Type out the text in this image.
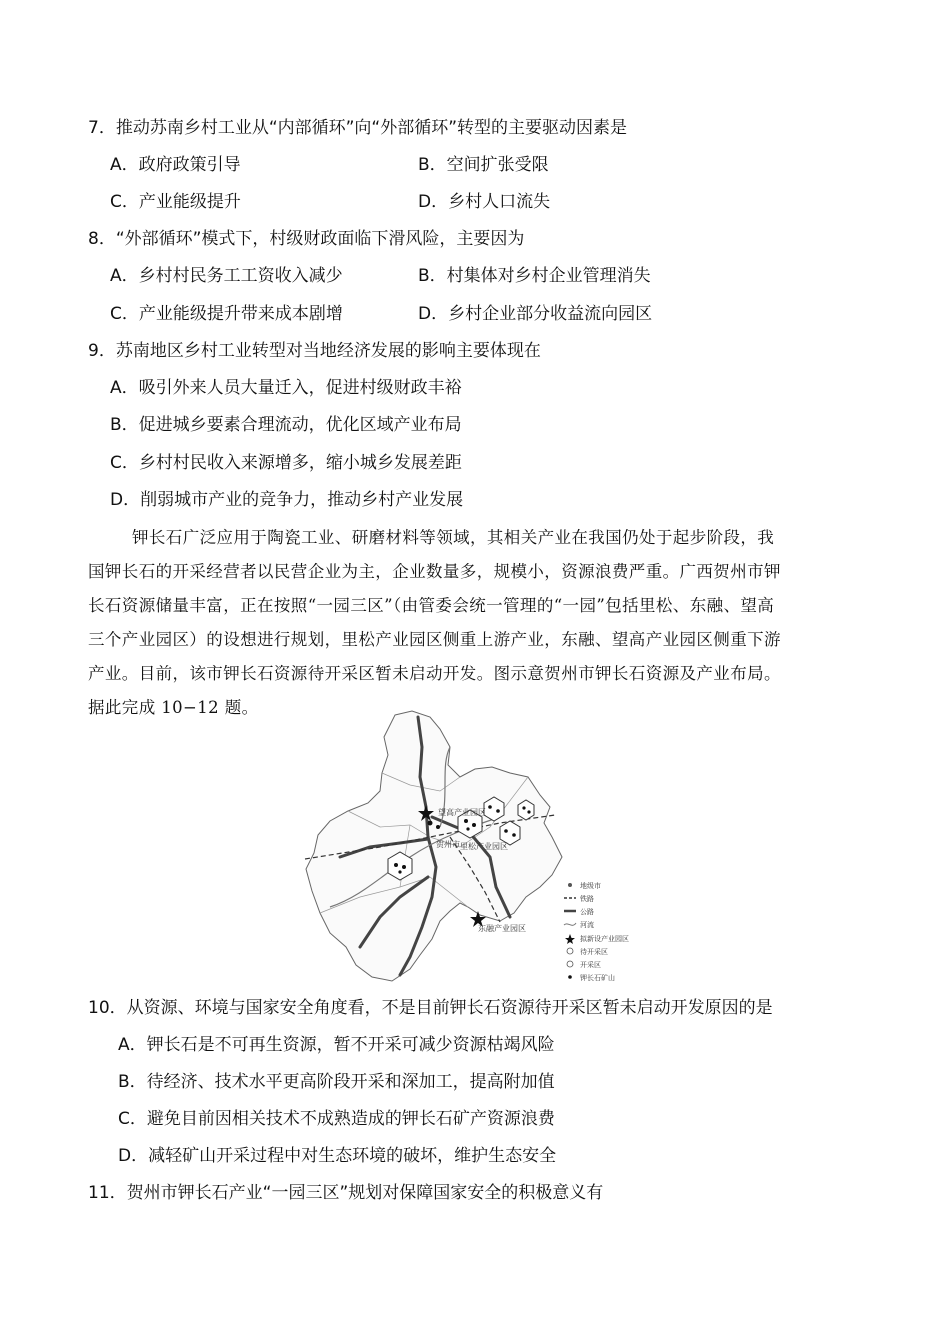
7．推动苏南乡村工业从“内部循环”向“外部循环”转型的主要驱动因素是
A．政府政策引导	B．空间扩张受限
C．产业能级提升	D．乡村人口流失
8．“外部循环”模式下，村级财政面临下滑风险，主要因为
A．乡村村民务工工资收入减少	B．村集体对乡村企业管理消失
C．产业能级提升带来成本剧增	D．乡村企业部分收益流向园区
9．苏南地区乡村工业转型对当地经济发展的影响主要体现在
A．吸引外来人员大量迁入，促进村级财政丰裕
B．促进城乡要素合理流动，优化区域产业布局
C．乡村村民收入来源增多，缩小城乡发展差距
D．削弱城市产业的竞争力，推动乡村产业发展
钾长石广泛应用于陶瓷工业、研磨材料等领域，其相关产业在我国仍处于起步阶段，我
国钾长石的开采经营者以民营企业为主，企业数量多，规模小，资源浪费严重。广西贺州市钾
长石资源储量丰富，正在按照“一园三区”（由管委会统一管理的“一园”包括里松、东融、望高
三个产业园区）的设想进行规划，里松产业园区侧重上游产业，东融、望高产业园区侧重下游
产业。目前，该市钾长石资源待开采区暂未启动开发。图示意贺州市钾长石资源及产业布局。
据此完成 10−12 题。
望高产业园区
里松产业园区
贺州市
东融产业园区
地级市
铁路
公路
河流
拟新设产业园区
待开采区
开采区
钾长石矿山
10．从资源、环境与国家安全角度看，不是目前钾长石资源待开采区暂未启动开发原因的是
A．钾长石是不可再生资源，暂不开采可减少资源枯竭风险
B．待经济、技术水平更高阶段开采和深加工，提高附加值
C．避免目前因相关技术不成熟造成的钾长石矿产资源浪费
D．减轻矿山开采过程中对生态环境的破坏，维护生态安全
11．贺州市钾长石产业“一园三区”规划对保障国家安全的积极意义有
